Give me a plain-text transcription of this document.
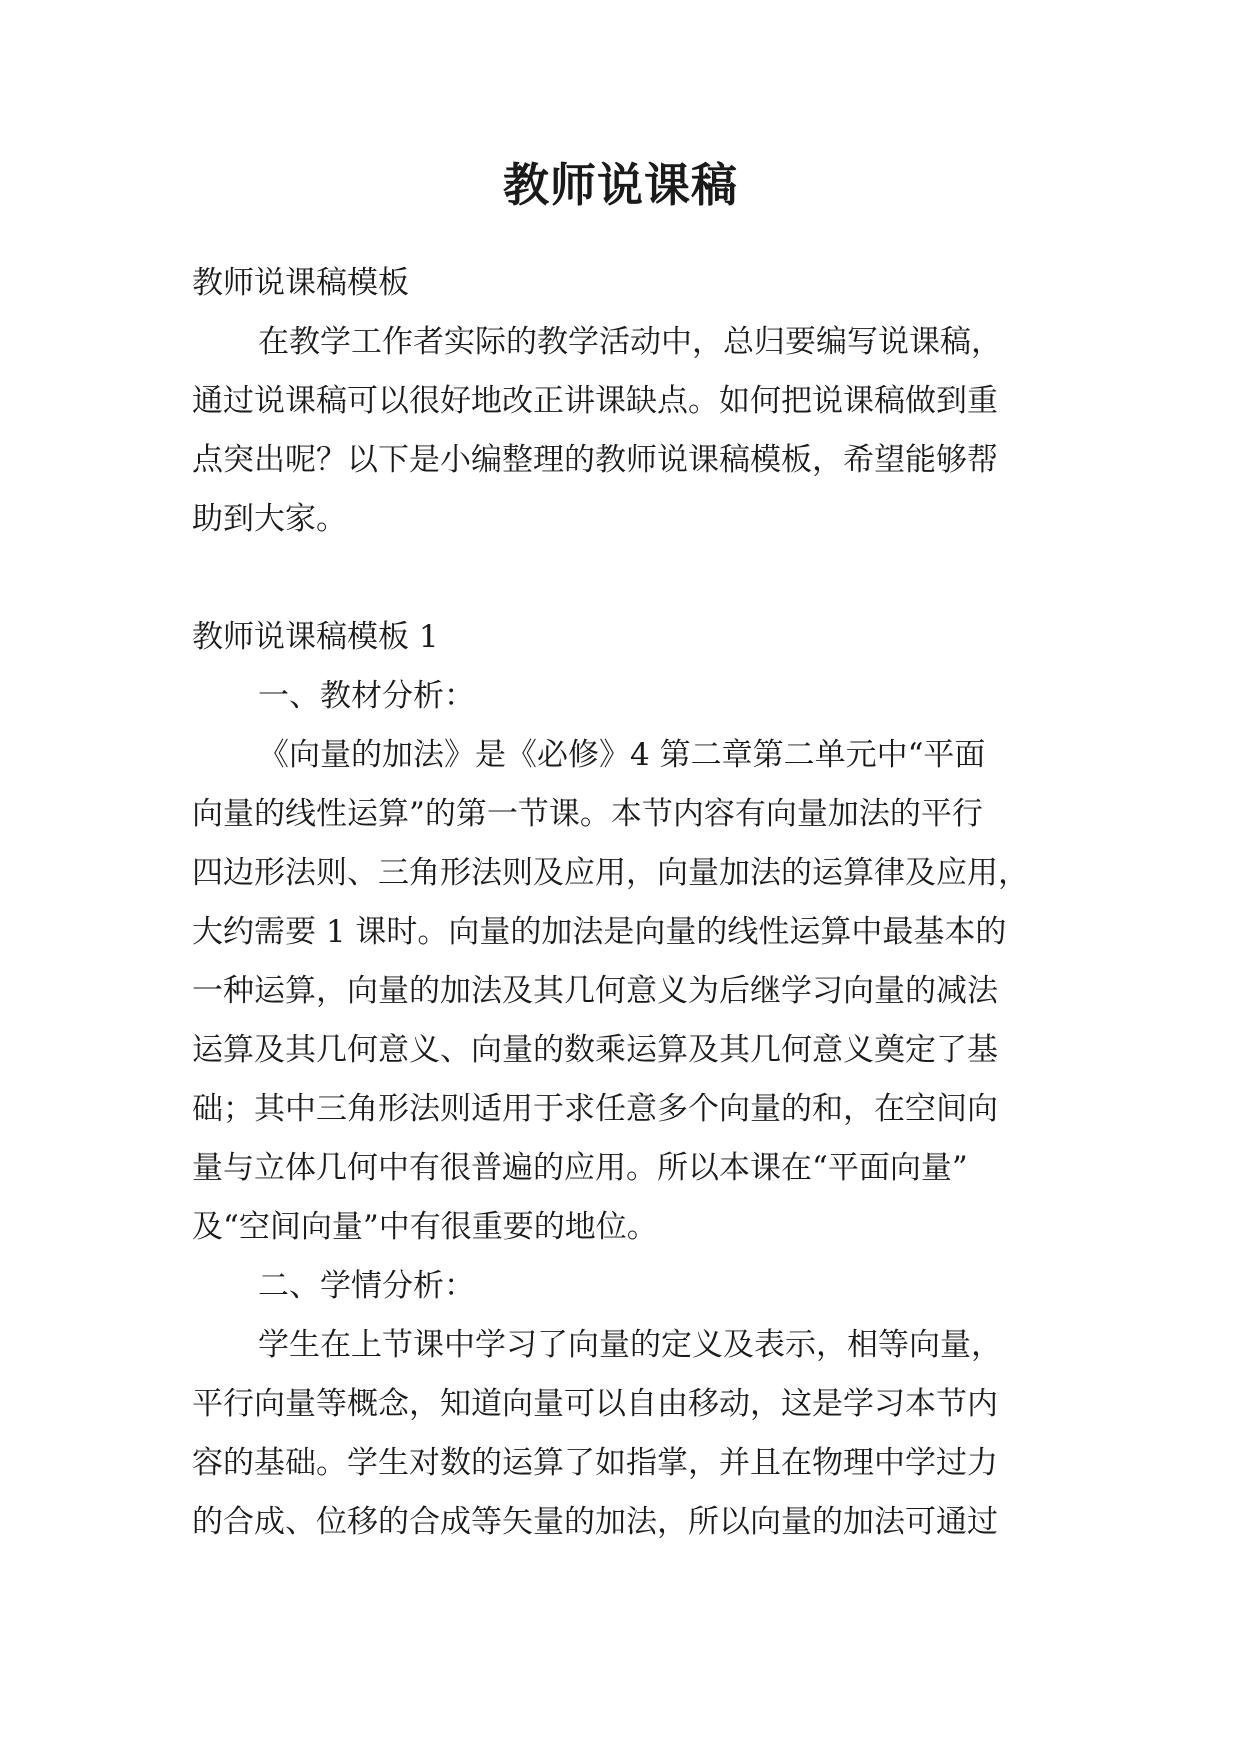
教师说课稿
教师说课稿模板
在教学工作者实际的教学活动中，总归要编写说课稿，
通过说课稿可以很好地改正讲课缺点。如何把说课稿做到重
点突出呢？以下是小编整理的教师说课稿模板，希望能够帮
助到大家。
教师说课稿模板 1
一、教材分析：
《向量的加法》是《必修》4 第二章第二单元中“平面
向量的线性运算”的第一节课。本节内容有向量加法的平行
四边形法则、三角形法则及应用，向量加法的运算律及应用，
大约需要 1 课时。向量的加法是向量的线性运算中最基本的
一种运算，向量的加法及其几何意义为后继学习向量的减法
运算及其几何意义、向量的数乘运算及其几何意义奠定了基
础；其中三角形法则适用于求任意多个向量的和，在空间向
量与立体几何中有很普遍的应用。所以本课在“平面向量”
及“空间向量”中有很重要的地位。
二、学情分析：
学生在上节课中学习了向量的定义及表示，相等向量，
平行向量等概念，知道向量可以自由移动，这是学习本节内
容的基础。学生对数的运算了如指掌，并且在物理中学过力
的合成、位移的合成等矢量的加法，所以向量的加法可通过
